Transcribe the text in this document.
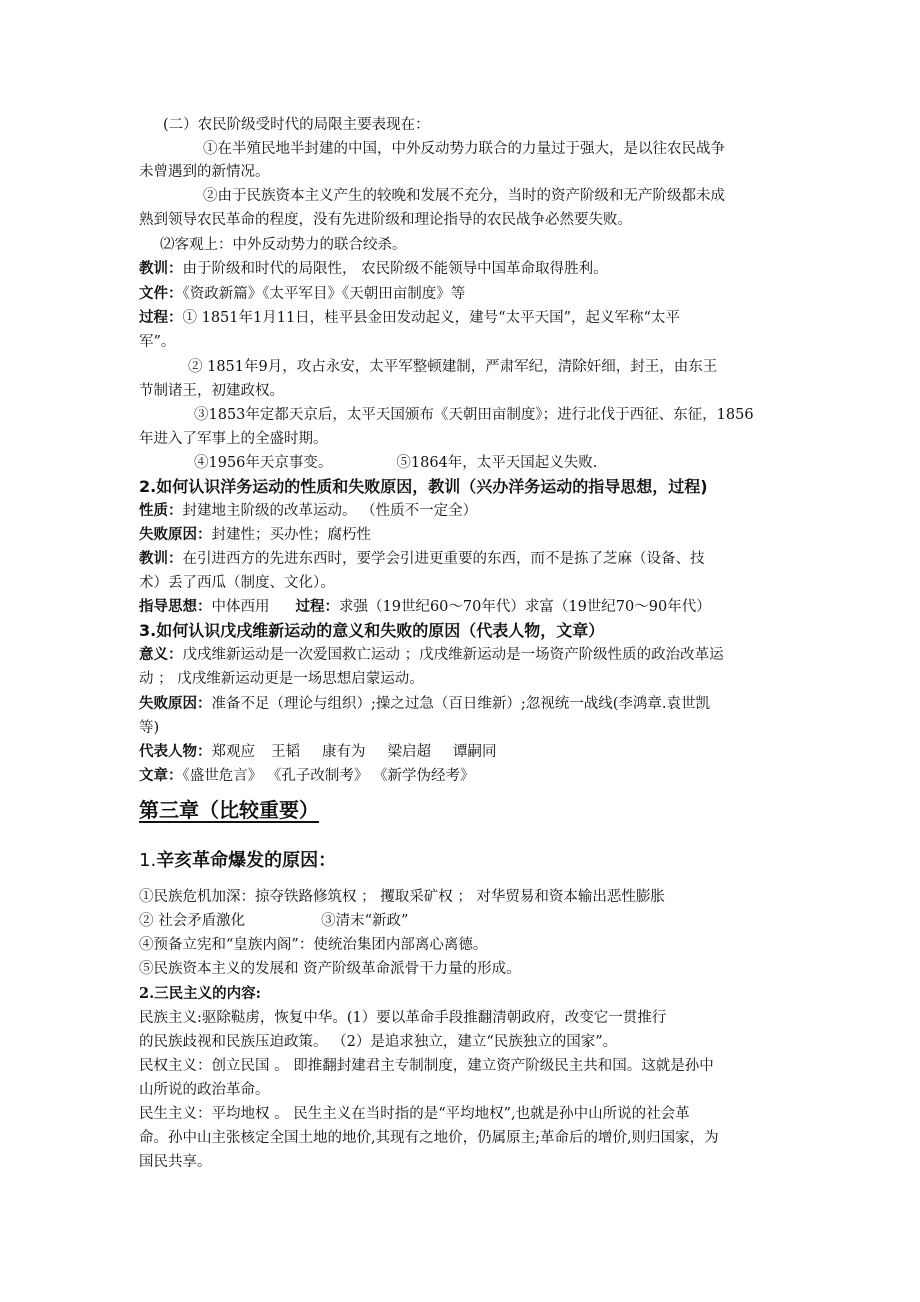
(二）农民阶级受时代的局限主要表现在：
①在半殖民地半封建的中国，中外反动势力联合的力量过于强大，是以往农民战争
未曾遇到的新情况。
②由于民族资本主义产生的较晚和发展不充分，当时的资产阶级和无产阶级都未成
熟到领导农民革命的程度，没有先进阶级和理论指导的农民战争必然要失败。
⑵客观上：中外反动势力的联合绞杀。
教训：由于阶级和时代的局限性， 农民阶级不能领导中国革命取得胜利。
文件：《资政新篇》《太平军目》《天朝田亩制度》等
过程：① 1851年1月11日，桂平县金田发动起义，建号“太平天国”，起义军称“太平
军”。
② 1851年9月，攻占永安，太平军整顿建制，严肃军纪，清除奸细，封王，由东王
节制诸王，初建政权。
③1853年定都天京后，太平天国颁布《天朝田亩制度》；进行北伐于西征、东征，1856
年进入了军事上的全盛时期。
④1956年天京事变。	⑤1864年，太平天国起义失败.
2.如何认识洋务运动的性质和失败原因，教训（兴办洋务运动的指导思想，过程)
性质：封建地主阶级的改革运动。 （性质不一定全）
失败原因：封建性；买办性；腐朽性
教训：在引进西方的先进东西时，要学会引进更重要的东西，而不是拣了芝麻（设备、技
术）丢了西瓜（制度、文化）。
指导思想：中体西用 过程：求强（19世纪60～70年代）求富（19世纪70～90年代）
3.如何认识戊戌维新运动的意义和失败的原因（代表人物，文章）
意义：戊戌维新运动是一次爱国救亡运动 ；戊戌维新运动是一场资产阶级性质的政治改革运
动 ； 戊戌维新运动更是一场思想启蒙运动。
失败原因：准备不足（理论与组织）;操之过急（百日维新）;忽视统一战线(李鸿章.袁世凯
等)
代表人物：郑观应 王韬 康有为 梁启超 谭嗣同
文章：《盛世危言》 《孔子改制考》 《新学伪经考》
第三章（比较重要）
1.辛亥革命爆发的原因：
①民族危机加深：掠夺铁路修筑权 ； 攫取采矿权 ； 对华贸易和资本输出恶性膨胀
② 社会矛盾激化	③清末“新政”
④预备立宪和“皇族内阁”：使统治集团内部离心离德。
⑤民族资本主义的发展和 资产阶级革命派骨干力量的形成。
2.三民主义的内容:
民族主义:驱除鞑虏，恢复中华。(1）要以革命手段推翻清朝政府，改变它一贯推行
的民族歧视和民族压迫政策。 （2）是追求独立，建立“民族独立的国家”。
民权主义：创立民国 。 即推翻封建君主专制制度，建立资产阶级民主共和国。这就是孙中
山所说的政治革命。
民生主义：平均地权 。 民生主义在当时指的是“平均地权”,也就是孙中山所说的社会革
命。孙中山主张核定全国土地的地价,其现有之地价，仍属原主;革命后的增价,则归国家，为
国民共享。
